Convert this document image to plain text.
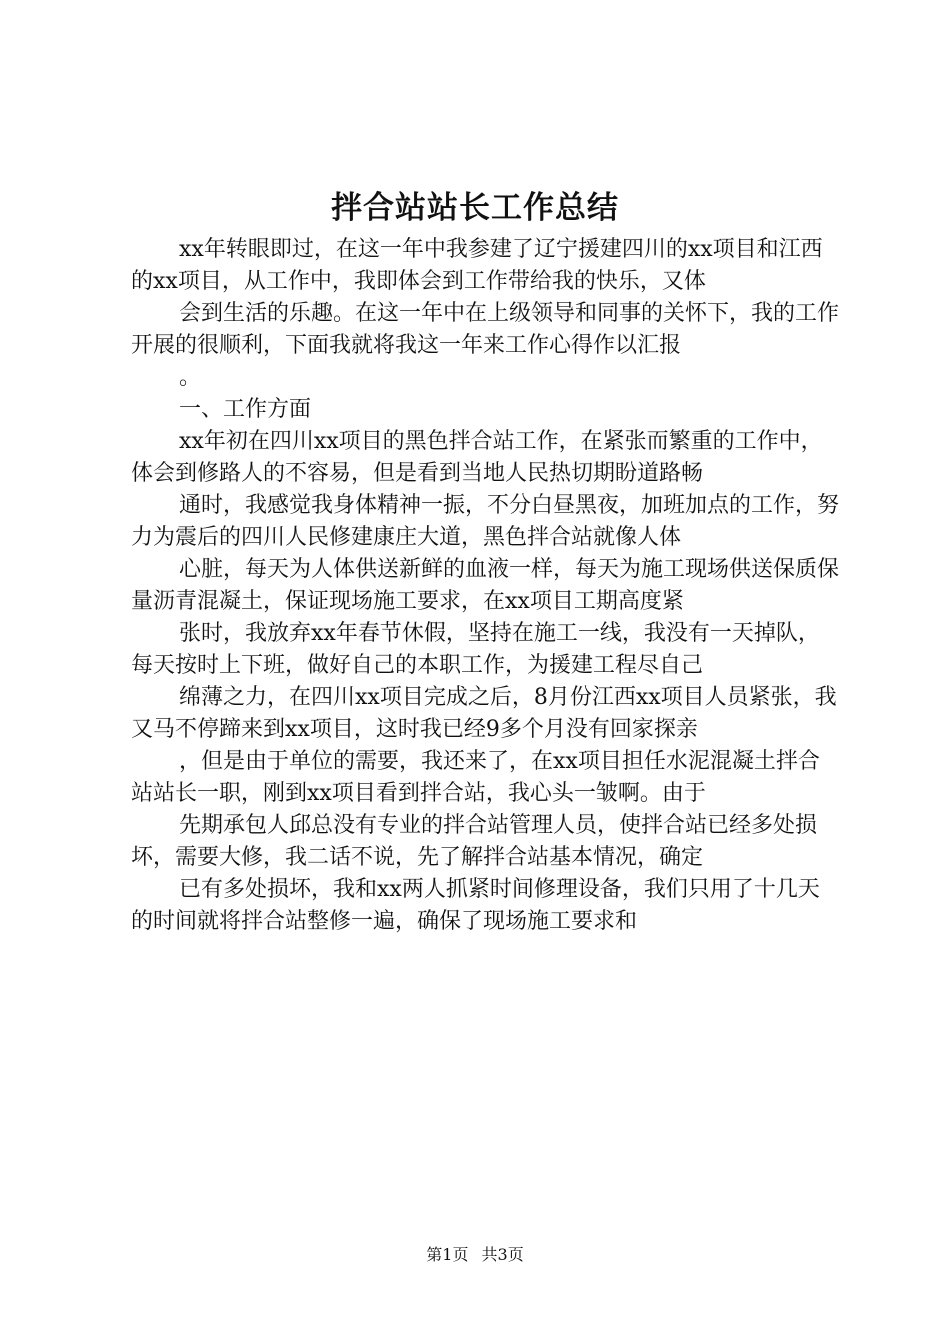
拌合站站长工作总结

xx年转眼即过，在这一年中我参建了辽宁援建四川的xx项目和江西的xx项目，从工作中，我即体会到工作带给我的快乐，又体

会到生活的乐趣。在这一年中在上级领导和同事的关怀下，我的工作开展的很顺利，下面我就将我这一年来工作心得作以汇报

。

一、工作方面

xx年初在四川xx项目的黑色拌合站工作，在紧张而繁重的工作中，体会到修路人的不容易，但是看到当地人民热切期盼道路畅

通时，我感觉我身体精神一振，不分白昼黑夜，加班加点的工作，努力为震后的四川人民修建康庄大道，黑色拌合站就像人体

心脏，每天为人体供送新鲜的血液一样，每天为施工现场供送保质保量沥青混凝土，保证现场施工要求，在xx项目工期高度紧

张时，我放弃xx年春节休假，坚持在施工一线，我没有一天掉队，每天按时上下班，做好自己的本职工作，为援建工程尽自己

绵薄之力，在四川xx项目完成之后，8月份江西xx项目人员紧张，我又马不停蹄来到xx项目，这时我已经9多个月没有回家探亲

，但是由于单位的需要，我还来了，在xx项目担任水泥混凝土拌合站站长一职，刚到xx项目看到拌合站，我心头一皱啊。由于

先期承包人邱总没有专业的拌合站管理人员，使拌合站已经多处损坏，需要大修，我二话不说，先了解拌合站基本情况，确定

已有多处损坏，我和xx两人抓紧时间修理设备，我们只用了十几天的时间就将拌合站整修一遍，确保了现场施工要求和

第1页 共3页
